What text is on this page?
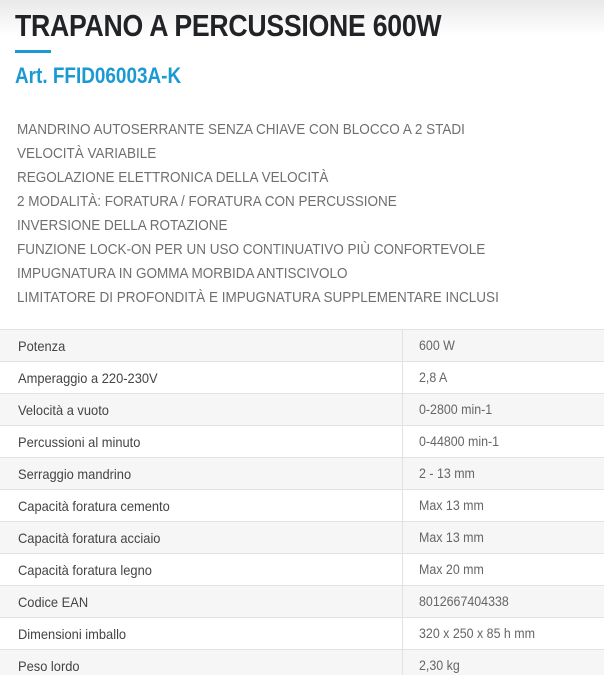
TRAPANO A PERCUSSIONE 600W
Art. FFID06003A-K
MANDRINO AUTOSERRANTE SENZA CHIAVE CON BLOCCO A 2 STADI
VELOCITÀ VARIABILE
REGOLAZIONE ELETTRONICA DELLA VELOCITÀ
2 MODALITÀ: FORATURA / FORATURA CON PERCUSSIONE
INVERSIONE DELLA ROTAZIONE
FUNZIONE LOCK-ON PER UN USO CONTINUATIVO PIÙ CONFORTEVOLE
IMPUGNATURA IN GOMMA MORBIDA ANTISCIVOLO
LIMITATORE DI PROFONDITÀ E IMPUGNATURA SUPPLEMENTARE INCLUSI
Potenza	600 W
Amperaggio a 220-230V	2,8 A
Velocità a vuoto	0-2800 min-1
Percussioni al minuto	0-44800 min-1
Serraggio mandrino	2 - 13 mm
Capacità foratura cemento	Max 13 mm
Capacità foratura acciaio	Max 13 mm
Capacità foratura legno	Max 20 mm
Codice EAN	8012667404338
Dimensioni imballo	320 x 250 x 85 h mm
Peso lordo	2,30 kg
